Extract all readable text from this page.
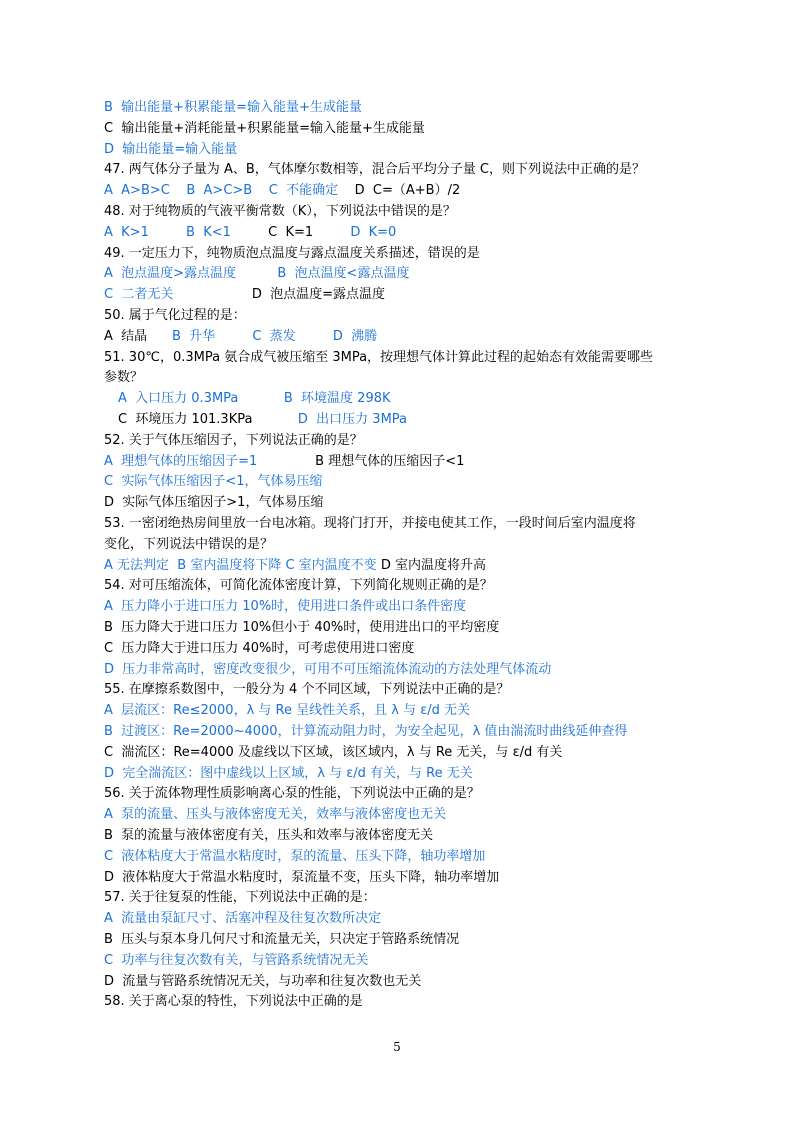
B  输出能量+积累能量=输入能量+生成能量
C  输出能量+消耗能量+积累能量=输入能量+生成能量
D  输出能量=输入能量
47. 两气体分子量为 A、B，气体摩尔数相等，混合后平均分子量 C，则下列说法中正确的是？
A  A>B>C    B  A>C>B    C  不能确定    D  C=（A+B）/2
48. 对于纯物质的气液平衡常数（K），下列说法中错误的是？
A  K>1         B  K<1         C  K=1         D  K=0
49. 一定压力下，纯物质泡点温度与露点温度关系描述，错误的是
A  泡点温度>露点温度          B  泡点温度<露点温度
C  二者无关                   D  泡点温度=露点温度
50. 属于气化过程的是：
A  结晶      B  升华         C  蒸发         D  沸腾
51. 30℃，0.3MPa 氨合成气被压缩至 3MPa，按理想气体计算此过程的起始态有效能需要哪些
参数？
A  入口压力 0.3MPa           B  环境温度 298K
C  环境压力 101.3KPa           D  出口压力 3MPa
52. 关于气体压缩因子，下列说法正确的是？
A  理想气体的压缩因子=1              B 理想气体的压缩因子<1
C  实际气体压缩因子<1，气体易压缩
D  实际气体压缩因子>1，气体易压缩
53. 一密闭绝热房间里放一台电冰箱。现将门打开，并接电使其工作，一段时间后室内温度将
变化，下列说法中错误的是？
A 无法判定  B 室内温度将下降 C 室内温度不变 D 室内温度将升高
54. 对可压缩流体，可简化流体密度计算，下列简化规则正确的是？
A  压力降小于进口压力 10%时，使用进口条件或出口条件密度
B  压力降大于进口压力 10%但小于 40%时，使用进出口的平均密度
C  压力降大于进口压力 40%时，可考虑使用进口密度
D  压力非常高时，密度改变很少，可用不可压缩流体流动的方法处理气体流动
55. 在摩擦系数图中，一般分为 4 个不同区域，下列说法中正确的是？
A  层流区：Re≤2000，λ 与 Re 呈线性关系，且 λ 与 ε/d 无关
B  过渡区：Re=2000~4000，计算流动阻力时，为安全起见，λ 值由湍流时曲线延伸查得
C  湍流区：Re=4000 及虚线以下区域，该区域内，λ 与 Re 无关，与 ε/d 有关
D  完全湍流区：图中虚线以上区域，λ 与 ε/d 有关，与 Re 无关
56. 关于流体物理性质影响离心泵的性能，下列说法中正确的是？
A  泵的流量、压头与液体密度无关，效率与液体密度也无关
B  泵的流量与液体密度有关，压头和效率与液体密度无关
C  液体粘度大于常温水粘度时，泵的流量、压头下降，轴功率增加
D  液体粘度大于常温水粘度时，泵流量不变，压头下降，轴功率增加
57. 关于往复泵的性能，下列说法中正确的是：
A  流量由泵缸尺寸、活塞冲程及往复次数所决定
B  压头与泵本身几何尺寸和流量无关，只决定于管路系统情况
C  功率与往复次数有关，与管路系统情况无关
D  流量与管路系统情况无关，与功率和往复次数也无关
58. 关于离心泵的特性，下列说法中正确的是
5
